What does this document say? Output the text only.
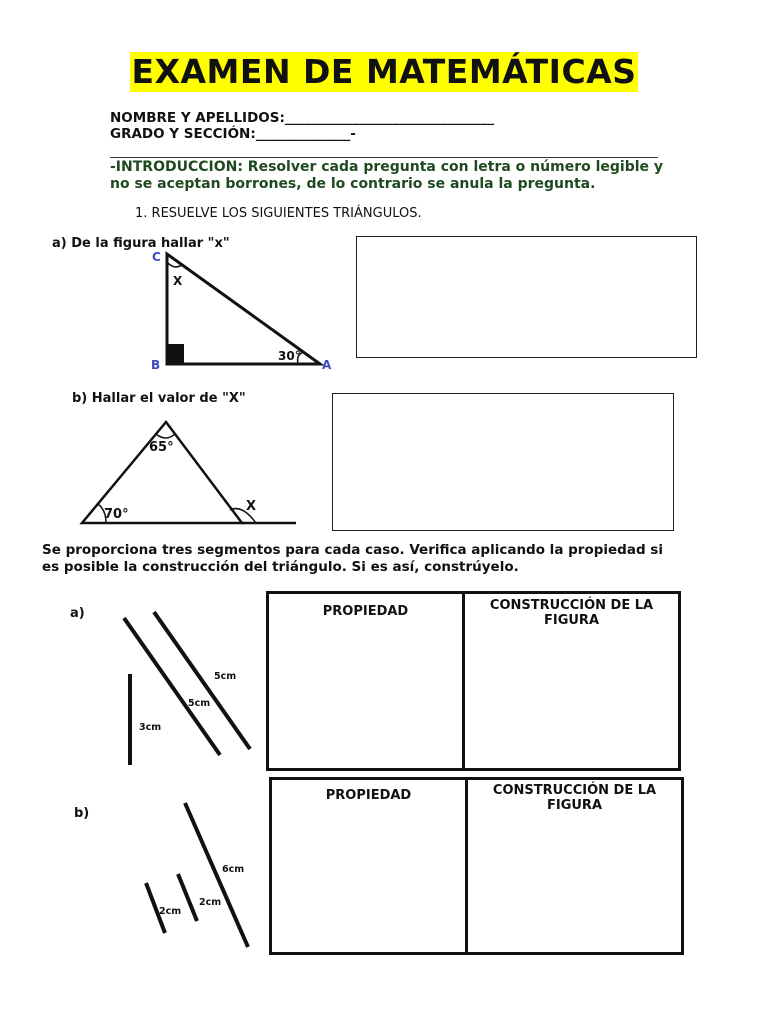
EXAMEN DE MATEMÁTICAS
NOMBRE Y APELLIDOS:_______________________________
GRADO Y SECCIÓN:______________-
-INTRODUCCION: Resolver cada pregunta con letra o número legible y no se aceptan borrones, de lo contrario se anula la pregunta.
1. RESUELVE LOS SIGUIENTES TRIÁNGULOS.
a) De la figura hallar "x"
C
B	A
X
30°
b) Hallar el valor de "X"
65°
70°
X
Se proporciona tres segmentos para cada caso. Verifica aplicando la propiedad si es posible la construcción del triángulo. Si es así, constrúyelo.
a)
5cm
5cm
3cm
PROPIEDAD	CONSTRUCCIÓN DE LA FIGURA
b)
6cm
2cm
2cm
PROPIEDAD	CONSTRUCCIÓN DE LA FIGURA
